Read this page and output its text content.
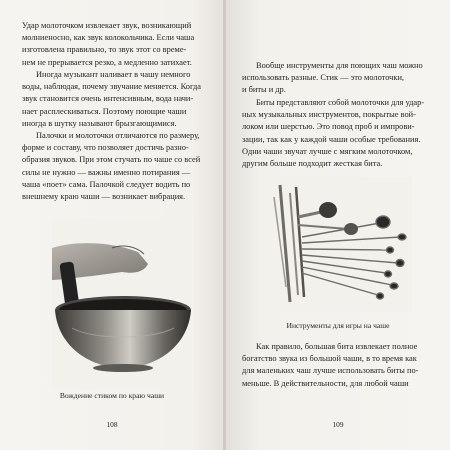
Удар молоточком извлекает звук, возникающий
молниеносно, как звук колокольчика. Если чаша
изготовлена правильно, то звук этот со време-
нем не прерывается резко, а медленно затихает.
Иногда музыкант наливает в чашу немного
воды, наблюдая, почему звучание меняется. Когда
звук становится очень интенсивным, вода начи-
нает расплескиваться. Поэтому поющие чаши
иногда в шутку называют брызгающимися.
Палочки и молоточки отличаются по размеру,
форме и составу, что позволяет достичь разно-
образия звуков. При этом стучать по чаше со всей
силы не нужно — важны именно потирания —
чаша «поет» сама. Палочкой следует водить по
внешнему краю чаши — возникает вибрация.
Вождение стиком по краю чаши
108
Вообще инструменты для поющих чаш можно
использовать разные. Стик — это молоточки,
и биты и др.
Биты представляют собой молоточки для удар-
ных музыкальных инструментов, покрытые вой-
локом или шерстью. Это повод проб и импрови-
зации, так как у каждой чаши особые требования.
Одни чаши звучат лучше с мягким молоточком,
другим больше подходит жесткая бита.
Инструменты для игры на чаше
Как правило, большая бита извлекает полное
богатство звука из большой чаши, в то время как
для маленьких чаш лучше использовать биты по-
меньше. В действительности, для любой чаши
109
